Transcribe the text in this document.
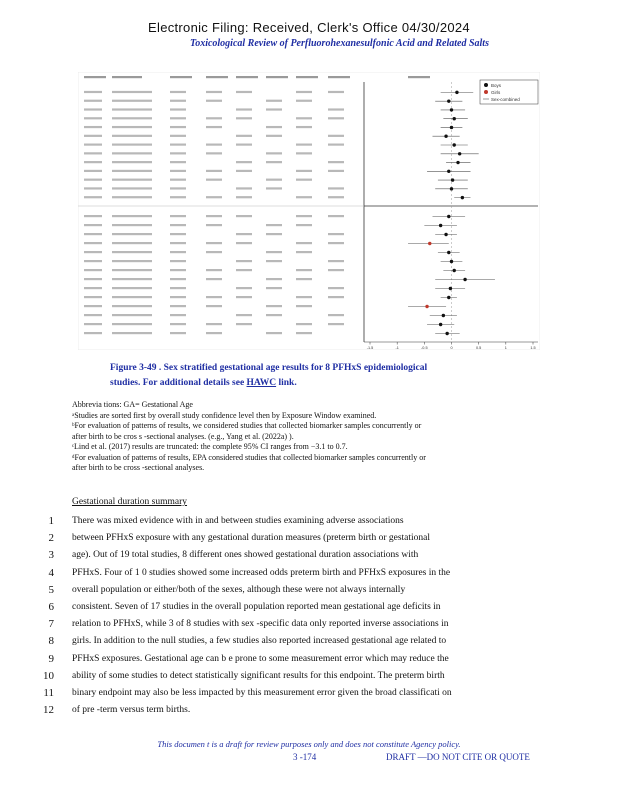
Electronic Filing: Received, Clerk's Office 04/30/2024
Toxicological Review of Perfluorohexanesulfonic Acid and Related Salts
-1.5	-1	-0.5	0	0.5	1	1.5
Boys
Girls
Sex-combined
Figure 3-49 . Sex stratified gestational age results for 8 PFHxS epidemiological
studies. For additional details see HAWC link.

Abbrevia tions: GA= Gestational Age

ᵃStudies are sorted first by overall study confidence level then by Exposure Window examined.

ᵇFor evaluation of patterns of results, we considered studies that collected biomarker samples concurrently or

after birth to be cros s -sectional analyses. (e.g., Yang et al. (2022a) ).

ᶜLind et al. (2017) results are truncated: the complete 95% CI ranges from −3.1 to 0.7.

ᵈFor evaluation of patterns of results, EPA considered studies that collected biomarker samples concurrently or

after birth to be cross -sectional analyses.

Gestational duration summary
1 There was mixed evidence with in and between studies examining adverse associations
2 between PFHxS exposure with any gestational duration measures (preterm birth or gestational
3 age). Out of 19 total studies, 8 different ones showed gestational duration associations with
4 PFHxS. Four of 1 0 studies showed some increased odds preterm birth and PFHxS exposures in the
5 overall population or either/both of the sexes, although these were not always internally
6 consistent. Seven of 17 studies in the overall population reported mean gestational age deficits in
7 relation to PFHxS, while 3 of 8 studies with sex -specific data only reported inverse associations in
8 girls. In addition to the null studies, a few studies also reported increased gestational age related to
9 PFHxS exposures. Gestational age can b e prone to some measurement error which may reduce the
10 ability of some studies to detect statistically significant results for this endpoint. The preterm birth
11 binary endpoint may also be less impacted by this measurement error given the broad classificati on
12 of pre -term versus term births.
This documen t is a draft for review purposes only and does not constitute Agency policy.
3 -174	DRAFT —DO NOT CITE OR QUOTE
